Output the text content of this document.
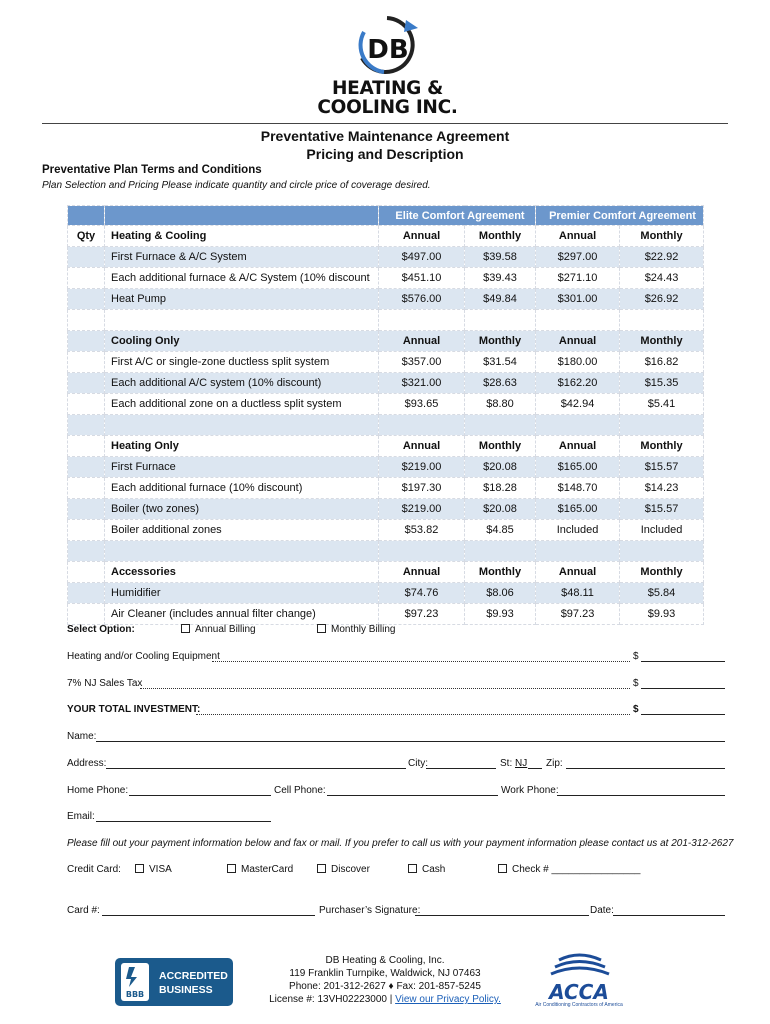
DB
HEATING &
COOLING INC.
Preventative Maintenance Agreement
Pricing and Description
Preventative Plan Terms and Conditions
Plan Selection and Pricing Please indicate quantity and circle price of coverage desired.
		Elite Comfort Agreement		Premier Comfort Agreement	
Qty	Heating & Cooling	Annual	Monthly	Annual	Monthly
	First Furnace & A/C System	$497.00	$39.58	$297.00	$22.92
	Each additional furnace & A/C System (10% discount	$451.10	$39.43	$271.10	$24.43
	Heat Pump	$576.00	$49.84	$301.00	$26.92

	Cooling Only	Annual	Monthly	Annual	Monthly
	First A/C or single-zone ductless split system	$357.00	$31.54	$180.00	$16.82
	Each additional A/C system (10% discount)	$321.00	$28.63	$162.20	$15.35
	Each additional zone on a ductless split system	$93.65	$8.80	$42.94	$5.41

	Heating Only	Annual	Monthly	Annual	Monthly
	First Furnace	$219.00	$20.08	$165.00	$15.57
	Each additional furnace (10% discount)	$197.30	$18.28	$148.70	$14.23
	Boiler (two zones)	$219.00	$20.08	$165.00	$15.57
	Boiler additional zones	$53.82	$4.85	Included	Included

	Accessories	Annual	Monthly	Annual	Monthly
	Humidifier	$74.76	$8.06	$48.11	$5.84
	Air Cleaner (includes annual filter change)	$97.23	$9.93	$97.23	$9.93
Select Option:	Annual Billing	Monthly Billing
Heating and/or Cooling Equipment	$
7% NJ Sales Tax	$
YOUR TOTAL INVESTMENT:	$
Name:
Address:	City:	St: NJ Zip:
Home Phone:	Cell Phone:	Work Phone:
Email:
Please fill out your payment information below and fax or mail. If you prefer to call us with your payment information please contact us at 201-312-2627
Credit Card:	VISA	MasterCard	Discover	Cash	Check # ________________
Card #:	Purchaser’s Signature:	Date:
BBB
ACCREDITED
BUSINESS
DB Heating & Cooling, Inc.
119 Franklin Turnpike, Waldwick, NJ 07463
Phone: 201-312-2627 ♦ Fax: 201-857-5245
License #: 13VH02223000 | View our Privacy Policy.	ACCA
Air Conditioning Contractors of America
